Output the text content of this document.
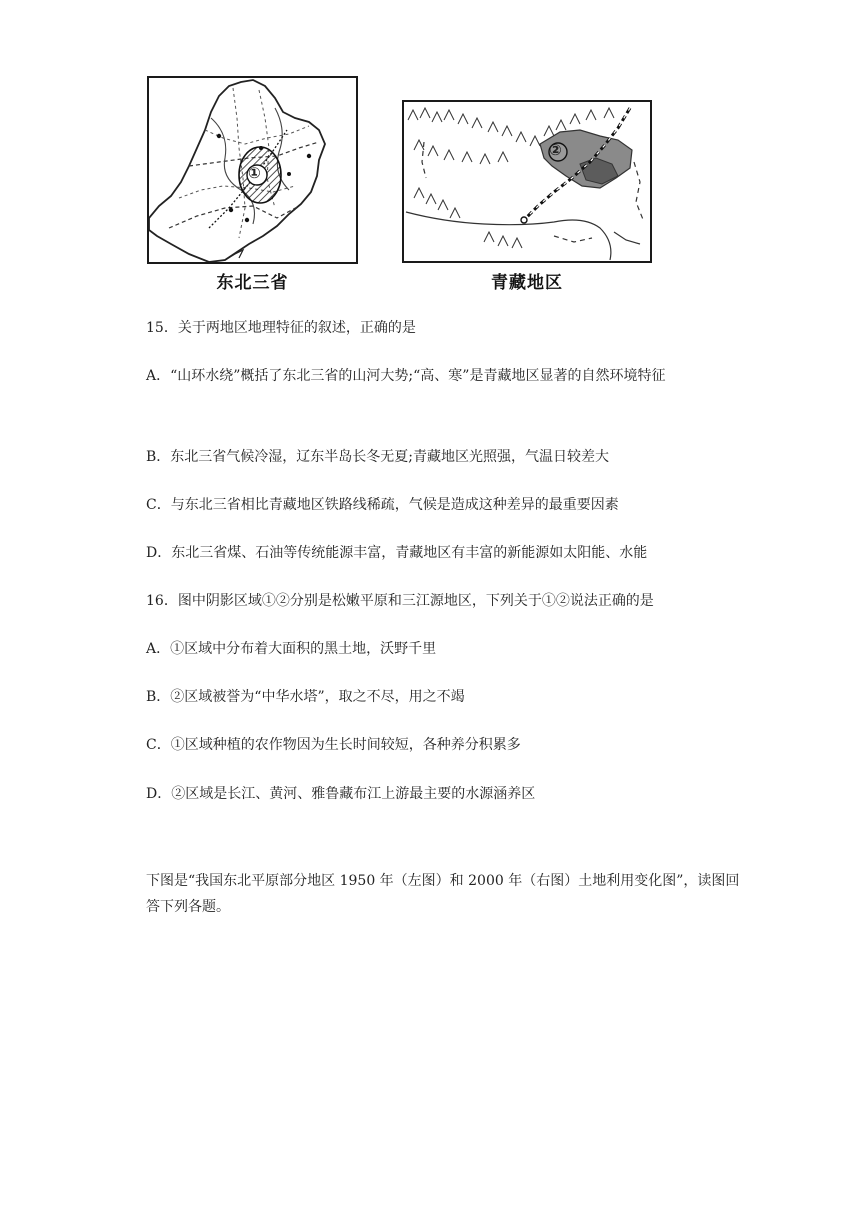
①
东北三省
②
青藏地区
15．关于两地区地理特征的叙述，正确的是
A．“山环水绕”概括了东北三省的山河大势;“高、寒”是青藏地区显著的自然环境特征
B．东北三省气候冷湿，辽东半岛长冬无夏;青藏地区光照强，气温日较差大
C．与东北三省相比青藏地区铁路线稀疏，气候是造成这种差异的最重要因素
D．东北三省煤、石油等传统能源丰富，青藏地区有丰富的新能源如太阳能、水能
16．图中阴影区域①②分别是松嫩平原和三江源地区，下列关于①②说法正确的是
A．①区域中分布着大面积的黑土地，沃野千里
B．②区域被誉为“中华水塔”，取之不尽，用之不竭
C．①区域种植的农作物因为生长时间较短，各种养分积累多
D．②区域是长江、黄河、雅鲁藏布江上游最主要的水源涵养区
下图是“我国东北平原部分地区 1950 年（左图）和 2000 年（右图）土地利用变化图”，读图回答下列各题。
